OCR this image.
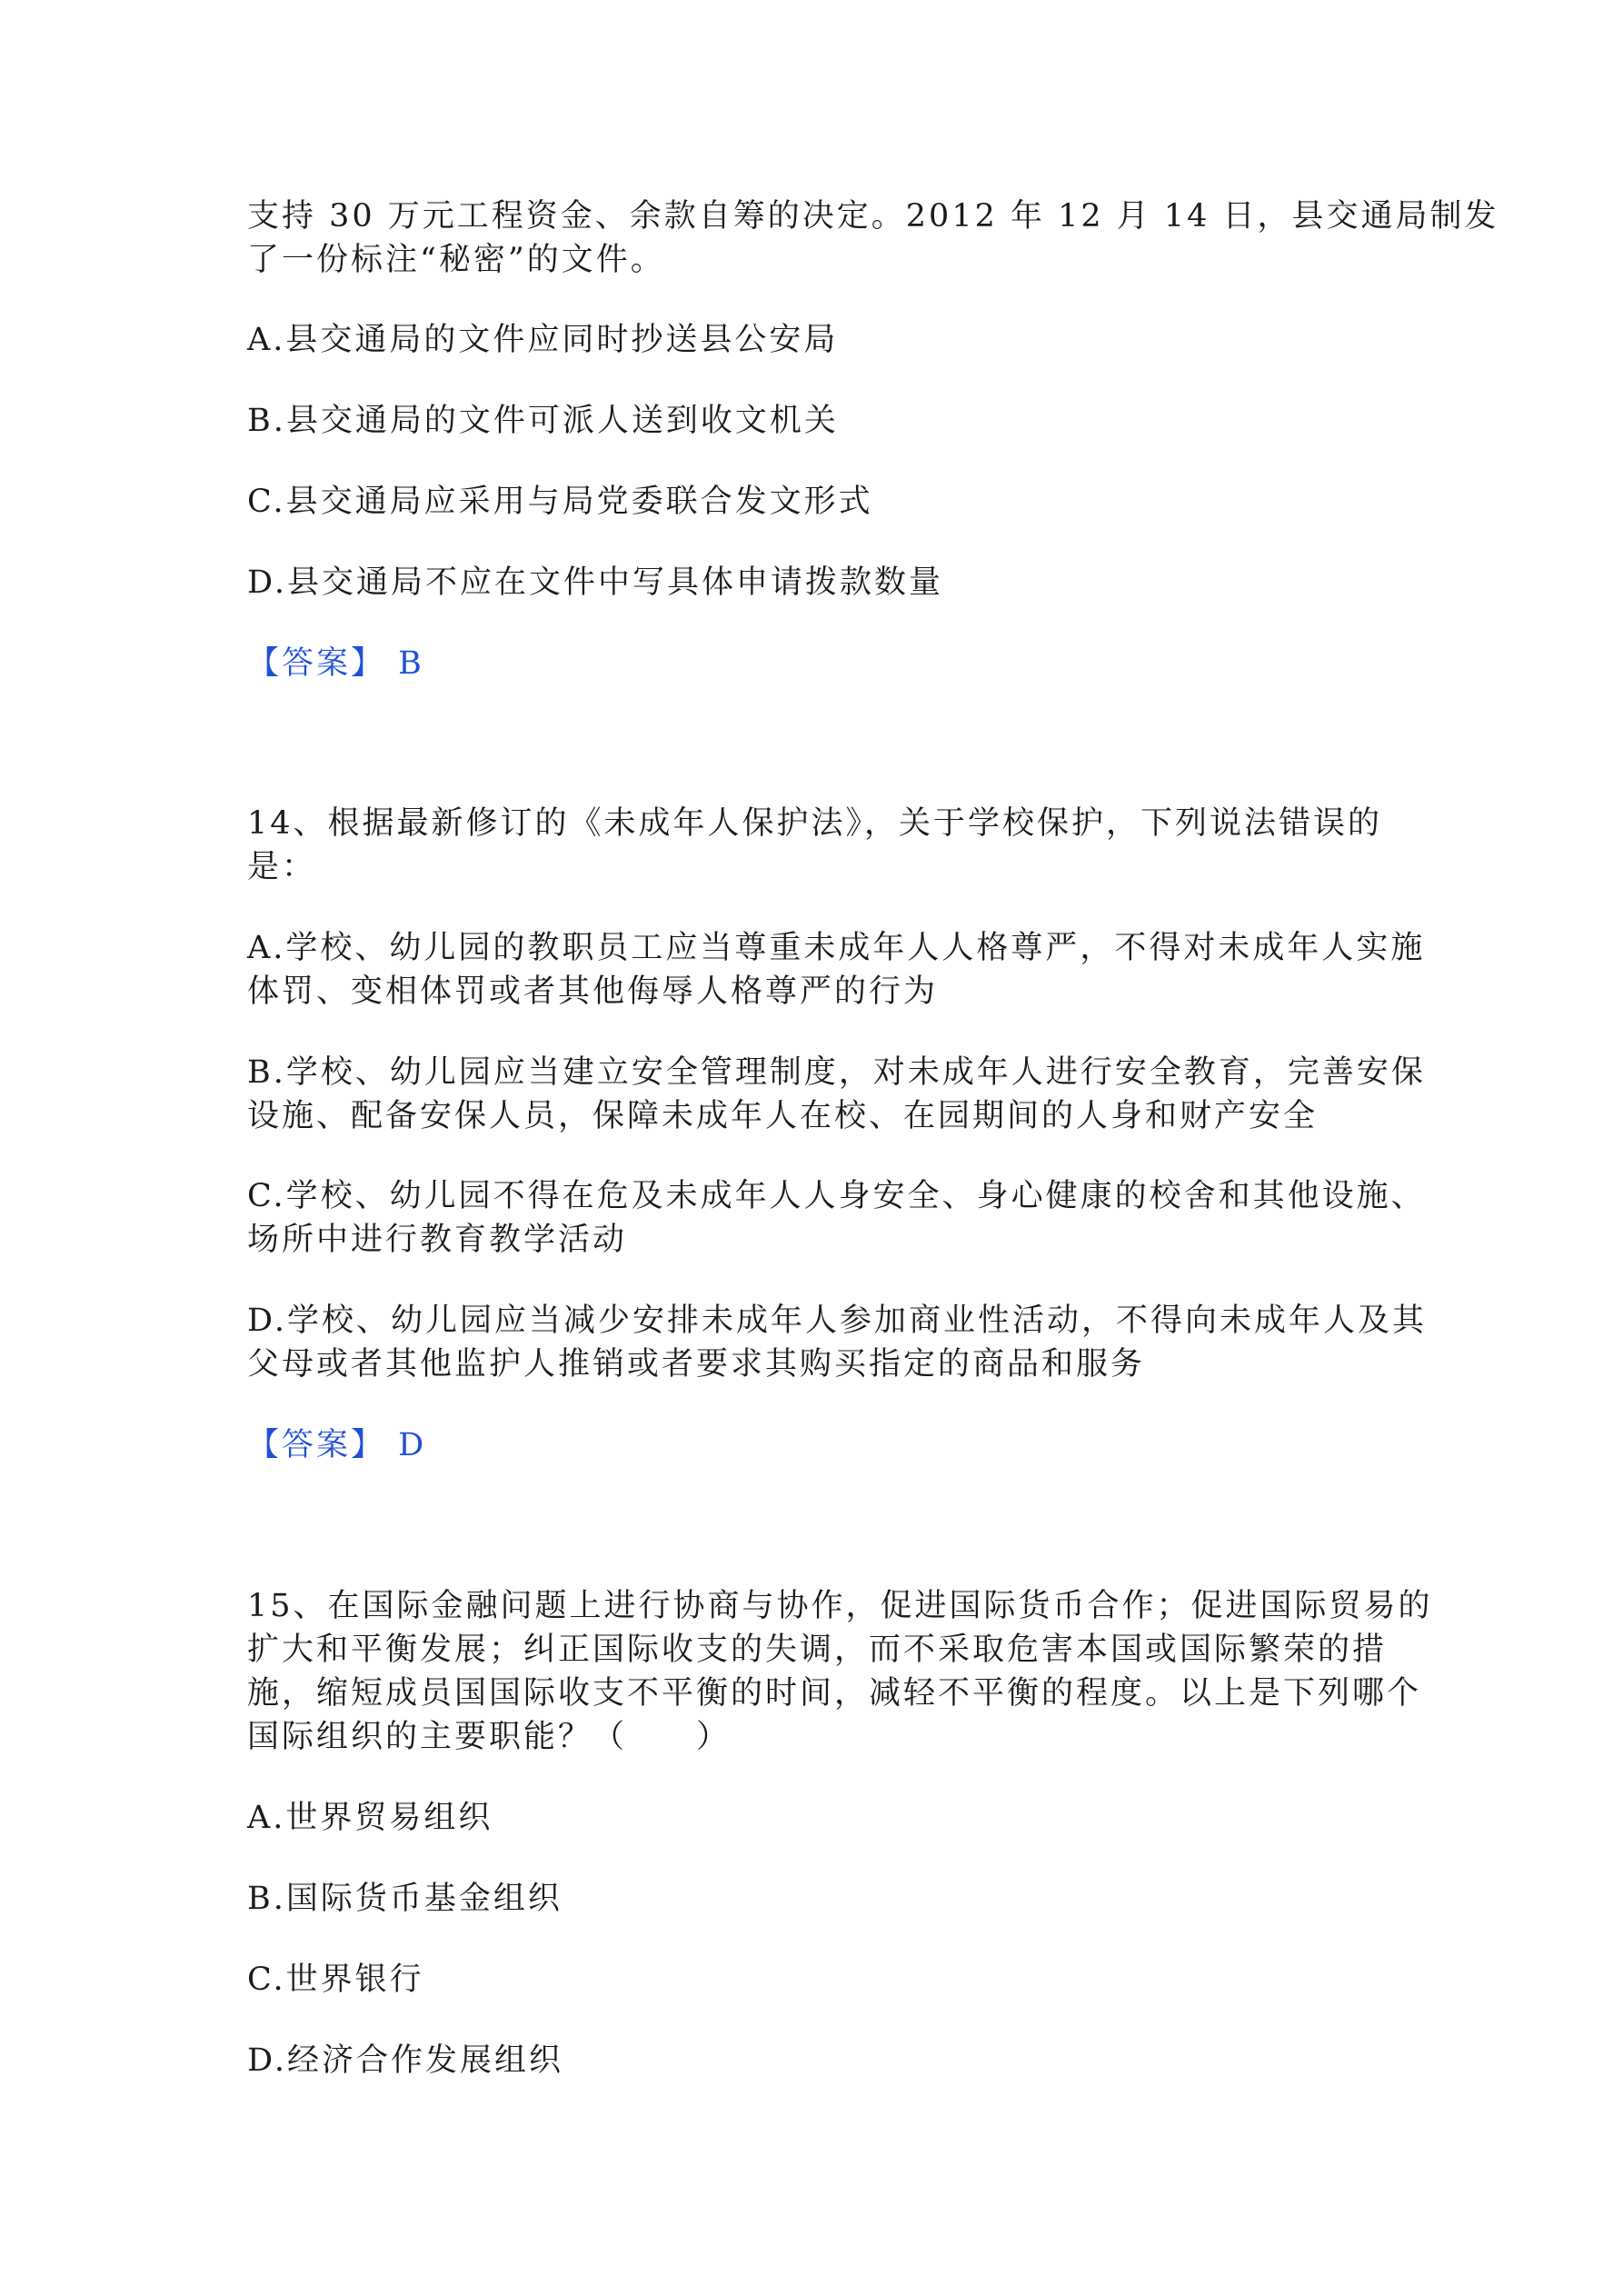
支持 30 万元工程资金、余款自筹的决定。2012 年 12 月 14 日，县交通局制发
了一份标注“秘密”的文件。
A.县交通局的文件应同时抄送县公安局
B.县交通局的文件可派人送到收文机关
C.县交通局应采用与局党委联合发文形式
D.县交通局不应在文件中写具体申请拨款数量
【答案】 B
14、根据最新修订的《未成年人保护法》，关于学校保护，下列说法错误的
是：
A.学校、幼儿园的教职员工应当尊重未成年人人格尊严，不得对未成年人实施
体罚、变相体罚或者其他侮辱人格尊严的行为
B.学校、幼儿园应当建立安全管理制度，对未成年人进行安全教育，完善安保
设施、配备安保人员，保障未成年人在校、在园期间的人身和财产安全
C.学校、幼儿园不得在危及未成年人人身安全、身心健康的校舍和其他设施、
场所中进行教育教学活动
D.学校、幼儿园应当减少安排未成年人参加商业性活动，不得向未成年人及其
父母或者其他监护人推销或者要求其购买指定的商品和服务
【答案】 D
15、在国际金融问题上进行协商与协作，促进国际货币合作；促进国际贸易的
扩大和平衡发展；纠正国际收支的失调，而不采取危害本国或国际繁荣的措
施，缩短成员国国际收支不平衡的时间，减轻不平衡的程度。以上是下列哪个
国际组织的主要职能？（　　）
A.世界贸易组织
B.国际货币基金组织
C.世界银行
D.经济合作发展组织
